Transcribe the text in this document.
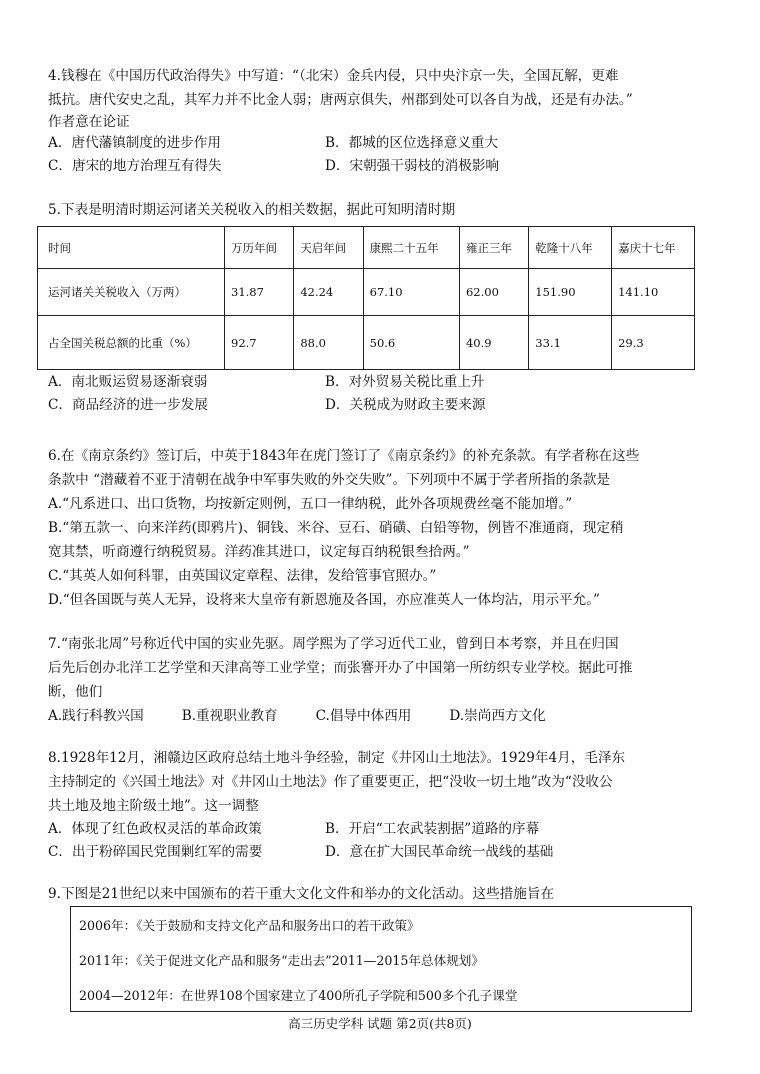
4.钱穆在《中国历代政治得失》中写道：“（北宋）金兵内侵，只中央汴京一失，全国瓦解，更难
抵抗。唐代安史之乱，其军力并不比金人弱；唐两京俱失，州郡到处可以各自为战，还是有办法。”
作者意在论证
A．唐代藩镇制度的进步作用	B．都城的区位选择意义重大
C．唐宋的地方治理互有得失	D．宋朝强干弱枝的消极影响
5.下表是明清时期运河诸关关税收入的相关数据，据此可知明清时期
时间	万历年间	天启年间	康熙二十五年	雍正三年	乾隆十八年	嘉庆十七年
运河诸关关税收入（万两）	31.87	42.24	67.10	62.00	151.90	141.10
占全国关税总额的比重（%）	92.7	88.0	50.6	40.9	33.1	29.3
A．南北贩运贸易逐渐衰弱	B．对外贸易关税比重上升
C．商品经济的进一步发展	D．关税成为财政主要来源
6.在《南京条约》签订后，中英于1843年在虎门签订了《南京条约》的补充条款。有学者称在这些
条款中 “潜藏着不亚于清朝在战争中军事失败的外交失败”。下列项中不属于学者所指的条款是
A.“凡系进口、出口货物，均按新定则例，五口一律纳税，此外各项规费丝毫不能加增。”
B.“第五款一、向来洋药(即鸦片)、铜钱、米谷、豆石、硝磺、白铅等物，例皆不准通商，现定稍
宽其禁，听商遵行纳税贸易。洋药准其进口，议定每百纳税银叁拾两。”
C.“其英人如何科罪，由英国议定章程、法律，发给管事官照办。”
D.“但各国既与英人无异，设将来大皇帝有新恩施及各国，亦应准英人一体均沾，用示平允。”
7.“南张北周”号称近代中国的实业先驱。周学熙为了学习近代工业，曾到日本考察，并且在归国
后先后创办北洋工艺学堂和天津高等工业学堂；而张謇开办了中国第一所纺织专业学校。据此可推
断，他们
A.践行科教兴国	B.重视职业教育	C.倡导中体西用	D.崇尚西方文化
8.1928年12月，湘赣边区政府总结土地斗争经验，制定《井冈山土地法》。1929年4月，毛泽东
主持制定的《兴国土地法》对《井冈山土地法》作了重要更正，把“没收一切土地”改为“没收公
共土地及地主阶级土地”。这一调整
A．体现了红色政权灵活的革命政策	B．开启“工农武装割据”道路的序幕
C．出于粉碎国民党围剿红军的需要	D．意在扩大国民革命统一战线的基础
9.下图是21世纪以来中国颁布的若干重大文化文件和举办的文化活动。这些措施旨在
2006年：《关于鼓励和支持文化产品和服务出口的若干政策》
2011年：《关于促进文化产品和服务“走出去”2011—2015年总体规划》
2004—2012年：在世界108个国家建立了400所孔子学院和500多个孔子课堂
高三历史学科 试题 第2页(共8页)
